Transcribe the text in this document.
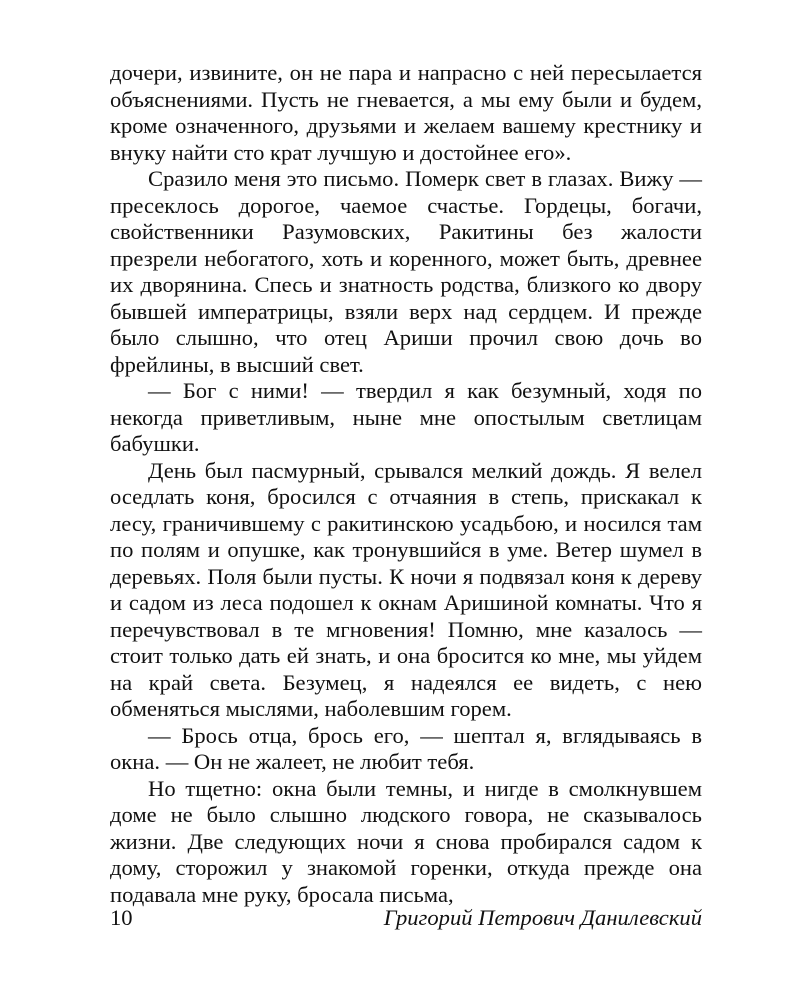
дочери, извините, он не пара и напрасно с ней пересылается объяснениями. Пусть не гневается, а мы ему были и будем, кроме означенного, друзьями и желаем вашему крестнику и внуку найти сто крат лучшую и достойнее его».

Сразило меня это письмо. Померк свет в глазах. Вижу — пресеклось дорогое, чаемое счастье. Гордецы, богачи, свойственники Разумовских, Ракитины без жалости презрели небогатого, хоть и коренного, может быть, древнее их дворянина. Спесь и знатность родства, близкого ко двору бывшей императрицы, взяли верх над сердцем. И прежде было слышно, что отец Ариши прочил свою дочь во фрейлины, в высший свет.

— Бог с ними! — твердил я как безумный, ходя по некогда приветливым, ныне мне опостылым светлицам бабушки.

День был пасмурный, срывался мелкий дождь. Я велел оседлать коня, бросился с отчаяния в степь, прискакал к лесу, граничившему с ракитинскою усадьбою, и носился там по полям и опушке, как тронувшийся в уме. Ветер шумел в деревьях. Поля были пусты. К ночи я подвязал коня к дереву и садом из леса подошел к окнам Аришиной комнаты. Что я перечувствовал в те мгновения! Помню, мне казалось — стоит только дать ей знать, и она бросится ко мне, мы уйдем на край света. Безумец, я надеялся ее видеть, с нею обменяться мыслями, наболевшим горем.

— Брось отца, брось его, — шептал я, вглядываясь в окна. — Он не жалеет, не любит тебя.

Но тщетно: окна были темны, и нигде в смолкнувшем доме не было слышно людского говора, не сказывалось жизни. Две следующих ночи я снова пробирался садом к дому, сторожил у знакомой горенки, откуда прежде она подавала мне руку, бросала письма,

10	Григорий Петрович Данилевский
